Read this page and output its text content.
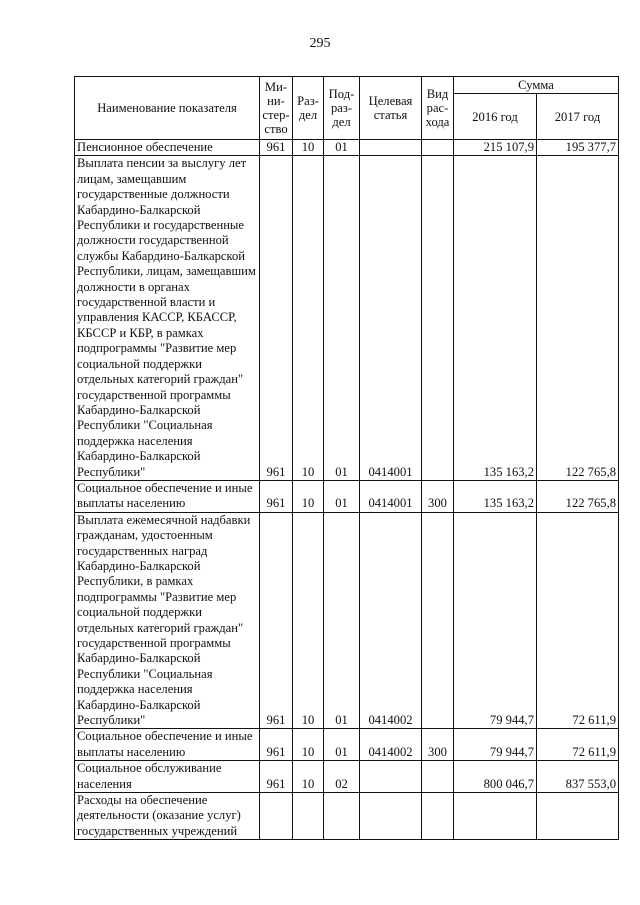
295
Наименование показателя	Ми- ни- стер- ство	Раз- дел	Под- раз- дел	Целевая статья	Вид рас- хода	Сумма	
						2016 год	2017 год
Пенсионное обеспечение	961	10	01			215 107,9	195 377,7
Выплата пенсии за выслугу лет лицам, замещавшим государственные должности Кабардино-Балкарской Республики и государственные должности государственной службы Кабардино-Балкарской Республики, лицам, замещавшим должности в органах государственной власти и управления КАССР, КБАССР, КБССР и КБР, в рамках подпрограммы "Развитие мер социальной поддержки отдельных категорий граждан" государственной программы Кабардино-Балкарской Республики "Социальная поддержка населения Кабардино-Балкарской Республики"	961	10	01	0414001		135 163,2	122 765,8
Социальное обеспечение и иные выплаты населению	961	10	01	0414001	300	135 163,2	122 765,8
Выплата ежемесячной надбавки гражданам, удостоенным государственных наград Кабардино-Балкарской Республики, в рамках подпрограммы "Развитие мер социальной поддержки отдельных категорий граждан" государственной программы Кабардино-Балкарской Республики "Социальная поддержка населения Кабардино-Балкарской Республики"	961	10	01	0414002		79 944,7	72 611,9
Социальное обеспечение и иные выплаты населению	961	10	01	0414002	300	79 944,7	72 611,9
Социальное обслуживание населения	961	10	02			800 046,7	837 553,0
Расходы на обеспечение деятельности (оказание услуг) государственных учреждений							
